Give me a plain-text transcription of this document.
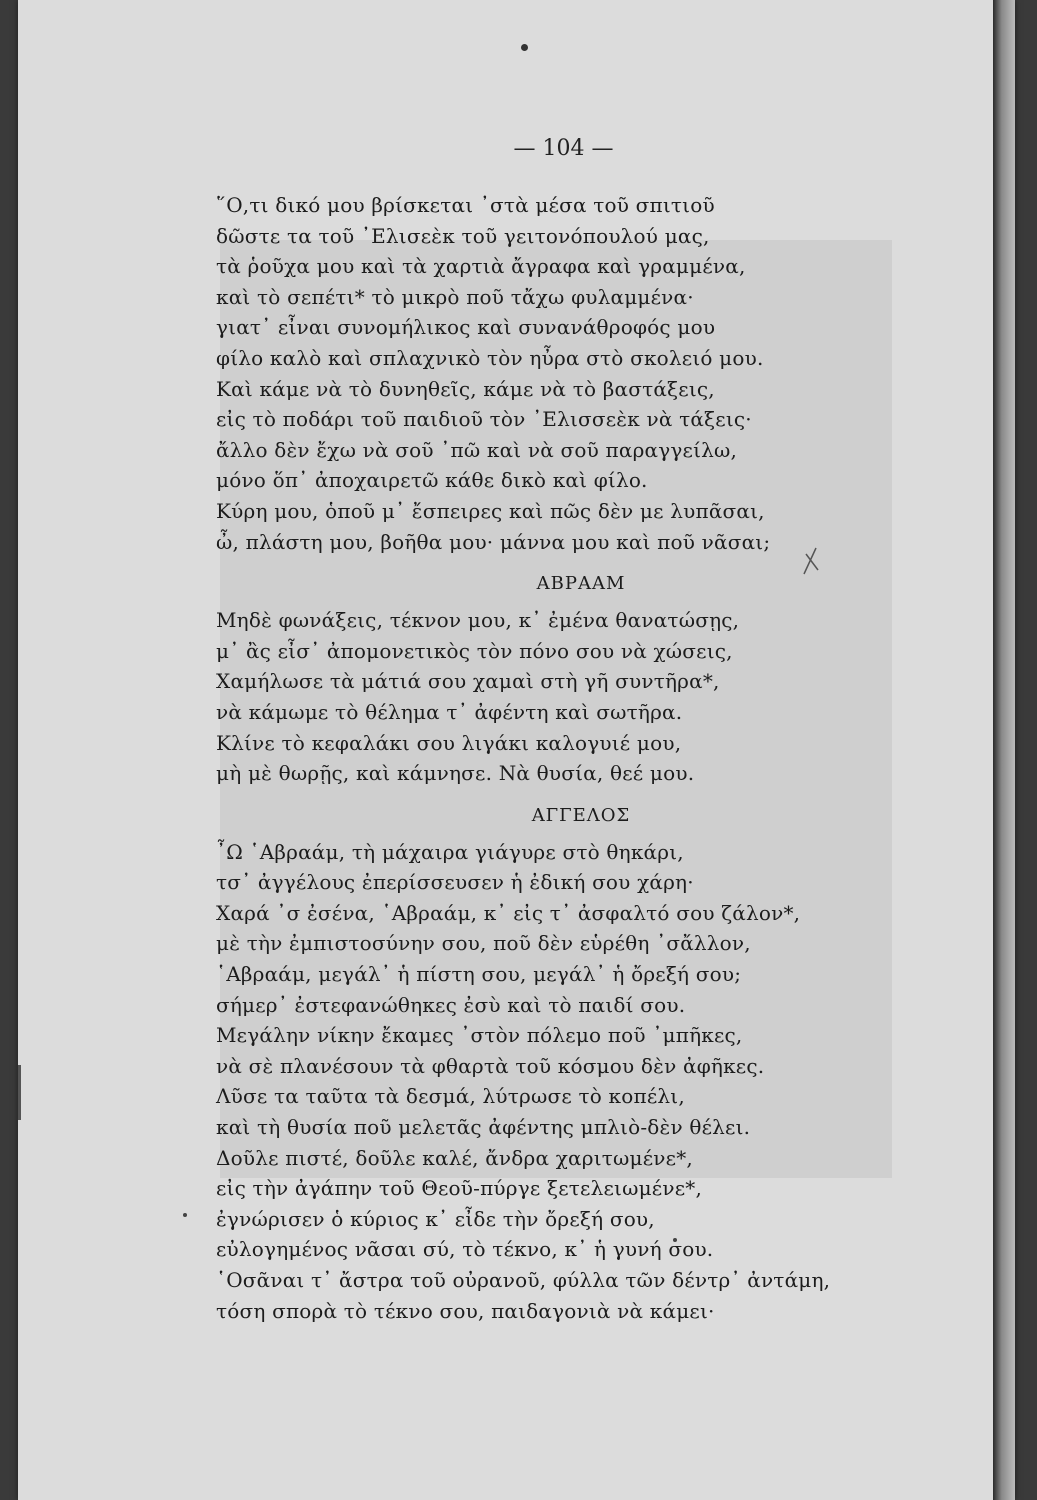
— 104 —
῞Ο,τι δικό μου βρίσκεται ᾽στὰ μέσα τοῦ σπιτιοῦ
δῶστε τα τοῦ ᾽Ελισεὲκ τοῦ γειτονόπουλού μας,
τὰ ῥοῦχα μου καὶ τὰ χαρτιὰ ἄγραφα καὶ γραμμένα,
καὶ τὸ σεπέτι* τὸ μικρὸ ποῦ τἄχω φυλαμμένα·
γιατ᾽ εἶναι συνομήλικος καὶ συνανάθροφός μου
φίλο καλὸ καὶ σπλαχνικὸ τὸν ηὖρα στὸ σκολειό μου.
Καὶ κάμε νὰ τὸ δυνηθεῖς, κάμε νὰ τὸ βαστάξεις,
εἰς τὸ ποδάρι τοῦ παιδιοῦ τὸν ᾽Ελισσεὲκ νὰ τάξεις·
ἄλλο δὲν ἔχω νὰ σοῦ ᾽πῶ καὶ νὰ σοῦ παραγγείλω,
μόνο ὅπ᾽ ἀποχαιρετῶ κάθε δικὸ καὶ φίλο.
Κύρη μου, ὁποῦ μ᾽ ἔσπειρες καὶ πῶς δὲν με λυπᾶσαι,
ὦ, πλάστη μου, βοῆθα μου· μάννα μου καὶ ποῦ νᾶσαι;
ΑΒΡΑΑΜ
Μηδὲ φωνάξεις, τέκνον μου, κ᾽ ἐμένα θανατώσῃς,
μ᾽ ἂς εἶσ᾽ ἀπομονετικὸς τὸν πόνο σου νὰ χώσεις,
Χαμήλωσε τὰ μάτιά σου χαμαὶ στὴ γῆ συντῆρα*,
νὰ κάμωμε τὸ θέλημα τ᾽ ἀφέντη καὶ σωτῆρα.
Κλίνε τὸ κεφαλάκι σου λιγάκι καλογυιέ μου,
μὴ μὲ θωρῇς, καὶ κάμνησε. Νὰ θυσία, θεέ μου.
ΑΓΓΕΛΟΣ
῏Ω ῾Αβραάμ, τὴ μάχαιρα γιάγυρε στὸ θηκάρι,
τσ᾽ ἀγγέλους ἐπερίσσευσεν ἡ ἐδική σου χάρη·
Χαρά ᾽σ ἐσένα, ῾Αβραάμ, κ᾽ εἰς τ᾽ ἀσφαλτό σου ζάλον*,
μὲ τὴν ἐμπιστοσύνην σου, ποῦ δὲν εὑρέθη ᾽σἄλλον,
῾Αβραάμ, μεγάλ᾽ ἡ πίστη σου, μεγάλ᾽ ἡ ὄρεξή σου;
σήμερ᾽ ἐστεφανώθηκες ἐσὺ καὶ τὸ παιδί σου.
Μεγάλην νίκην ἔκαμες ᾽στὸν πόλεμο ποῦ ᾽μπῆκες,
νὰ σὲ πλανέσουν τὰ φθαρτὰ τοῦ κόσμου δὲν ἀφῆκες.
Λῦσε τα ταῦτα τὰ δεσμά, λύτρωσε τὸ κοπέλι,
καὶ τὴ θυσία ποῦ μελετᾶς ἀφέντης μπλιὸ-δὲν θέλει.
Δοῦλε πιστέ, δοῦλε καλέ, ἄνδρα χαριτωμένε*,
εἰς τὴν ἀγάπην τοῦ Θεοῦ-πύργε ξετελειωμένε*,
ἐγνώρισεν ὁ κύριος κ᾽ εἶδε τὴν ὄρεξή σου,
εὐλογημένος νᾶσαι σύ, τὸ τέκνο, κ᾽ ἡ γυνή σου.
῾Οσᾶναι τ᾽ ἄστρα τοῦ οὐρανοῦ, φύλλα τῶν δέντρ᾽ ἀντάμη,
τόση σπορὰ τὸ τέκνο σου, παιδαγονιὰ νὰ κάμει·
